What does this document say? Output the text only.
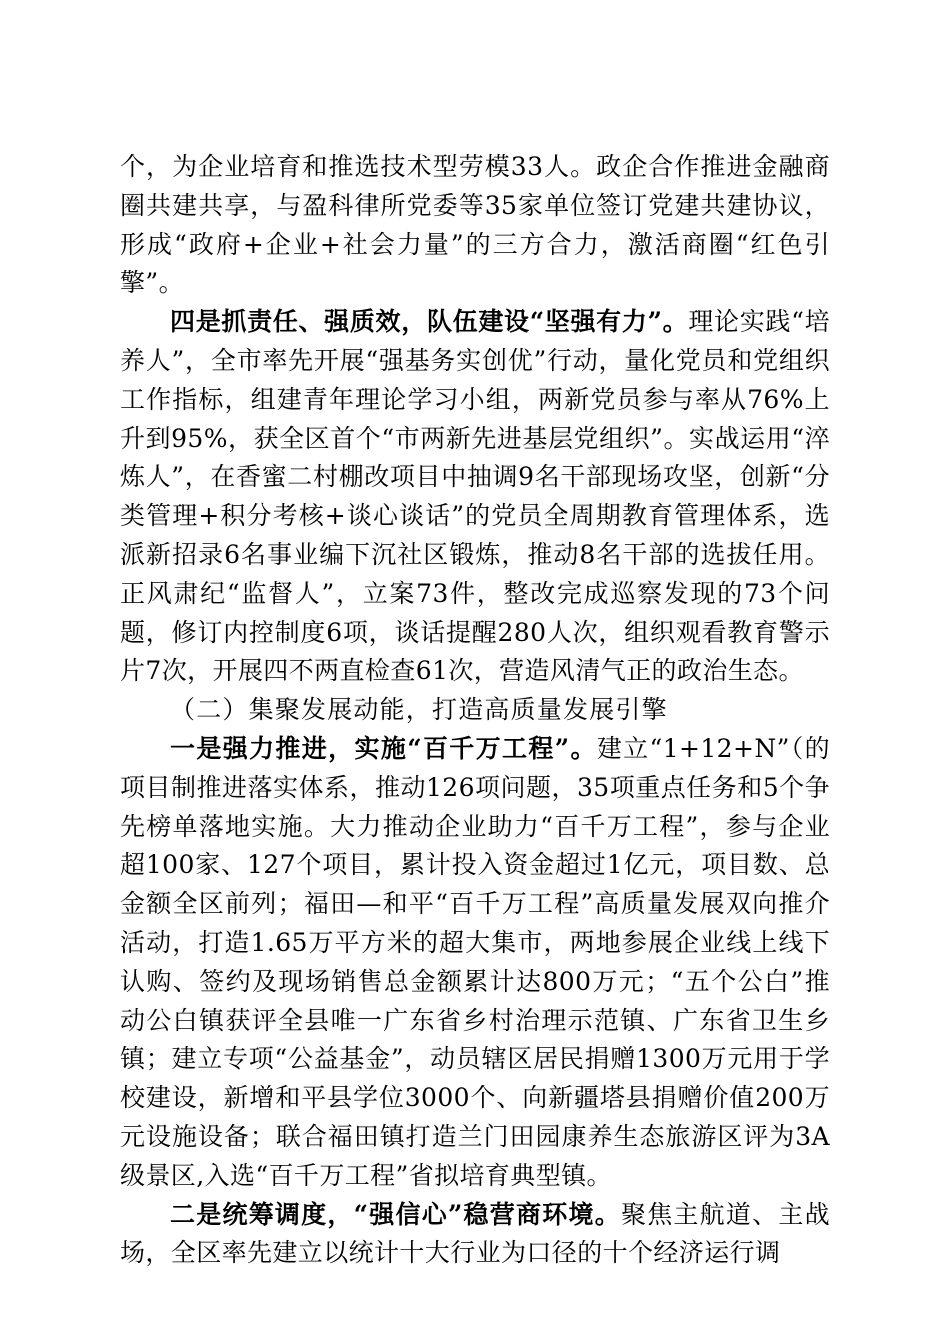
个，为企业培育和推选技术型劳模33人。政企合作推进金融商圈共建共享，与盈科律所党委等35家单位签订党建共建协议，形成“政府+企业+社会力量”的三方合力，激活商圈“红色引擎”。

四是抓责任、强质效，队伍建设“坚强有力”。理论实践“培养人”，全市率先开展“强基务实创优”行动，量化党员和党组织工作指标，组建青年理论学习小组，两新党员参与率从76%上升到95%，获全区首个“市两新先进基层党组织”。实战运用“淬炼人”，在香蜜二村棚改项目中抽调9名干部现场攻坚，创新“分类管理+积分考核+谈心谈话”的党员全周期教育管理体系，选派新招录6名事业编下沉社区锻炼，推动8名干部的选拔任用。正风肃纪“监督人”，立案73件，整改完成巡察发现的73个问题，修订内控制度6项，谈话提醒280人次，组织观看教育警示片7次，开展四不两直检查61次，营造风清气正的政治生态。

（二）集聚发展动能，打造高质量发展引擎

一是强力推进，实施“百千万工程”。建立“1+12+N”（的项目制推进落实体系，推动126项问题，35项重点任务和5个争先榜单落地实施。大力推动企业助力“百千万工程”，参与企业超100家、127个项目，累计投入资金超过1亿元，项目数、总金额全区前列；福田—和平“百千万工程”高质量发展双向推介活动，打造1.65万平方米的超大集市，两地参展企业线上线下认购、签约及现场销售总金额累计达800万元；“五个公白”推动公白镇获评全县唯一广东省乡村治理示范镇、广东省卫生乡镇；建立专项“公益基金”，动员辖区居民捐赠1300万元用于学校建设，新增和平县学位3000个、向新疆塔县捐赠价值200万元设施设备；联合福田镇打造兰门田园康养生态旅游区评为3A级景区,入选“百千万工程”省拟培育典型镇。

二是统筹调度，“强信心”稳营商环境。聚焦主航道、主战场，全区率先建立以统计十大行业为口径的十个经济运行调
